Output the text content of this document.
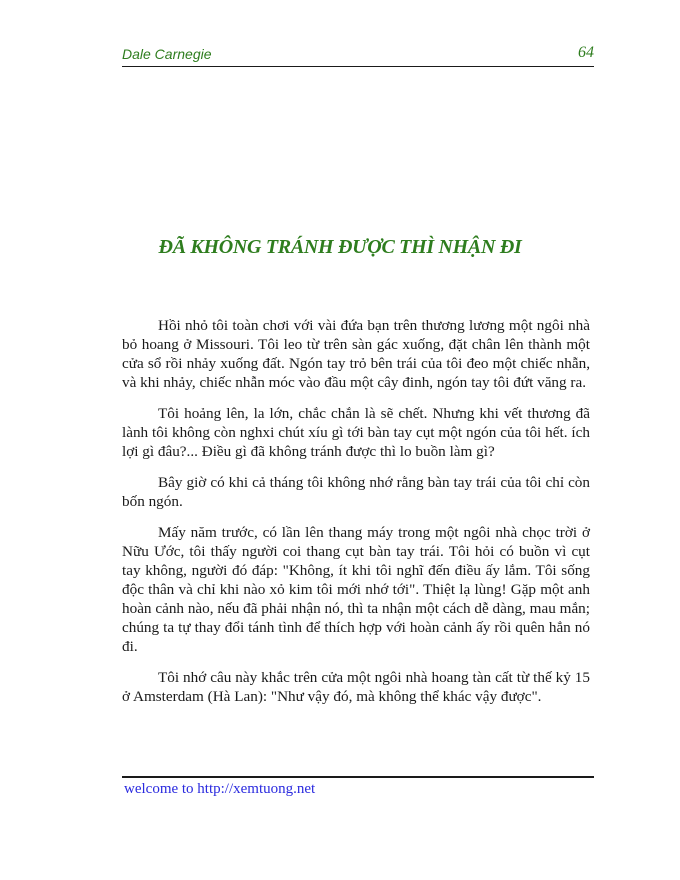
Dale Carnegie	64
ĐÃ KHÔNG TRÁNH ĐƯỢC THÌ NHẬN ĐI

Hồi nhỏ tôi toàn chơi với vài đứa bạn trên thương lương một ngôi nhà bỏ hoang ở Missouri. Tôi leo từ trên sàn gác xuống, đặt chân lên thành một cửa sổ rồi nhảy xuống đất. Ngón tay trỏ bên trái của tôi đeo một chiếc nhẫn, và khi nhảy, chiếc nhẫn móc vào đầu một cây đinh, ngón tay tôi đứt văng ra.

Tôi hoảng lên, la lớn, chắc chắn là sẽ chết. Nhưng khi vết thương đã lành tôi không còn nghxi chút xíu gì tới bàn tay cụt một ngón của tôi hết. ích lợi gì đâu?... Điều gì đã không tránh được thì lo buồn làm gì?

Bây giờ có khi cả tháng tôi không nhớ rằng bàn tay trái của tôi chỉ còn bốn ngón.

Mấy năm trước, có lần lên thang máy trong một ngôi nhà chọc trời ở Nữu Ước, tôi thấy người coi thang cụt bàn tay trái. Tôi hỏi có buồn vì cụt tay không, người đó đáp: "Không, ít khi tôi nghĩ đến điều ấy lắm. Tôi sống độc thân và chỉ khi nào xỏ kim tôi mới nhớ tới". Thiệt lạ lùng! Gặp một anh hoàn cảnh nào, nếu đã phải nhận nó, thì ta nhận một cách dễ dàng, mau mắn; chúng ta tự thay đổi tánh tình để thích hợp với hoàn cảnh ấy rồi quên hẳn nó đi.

Tôi nhớ câu này khắc trên cửa một ngôi nhà hoang tàn cất từ thế kỷ 15 ở Amsterdam (Hà Lan): "Như vậy đó, mà không thể khác vậy được".

welcome to http://xemtuong.net
